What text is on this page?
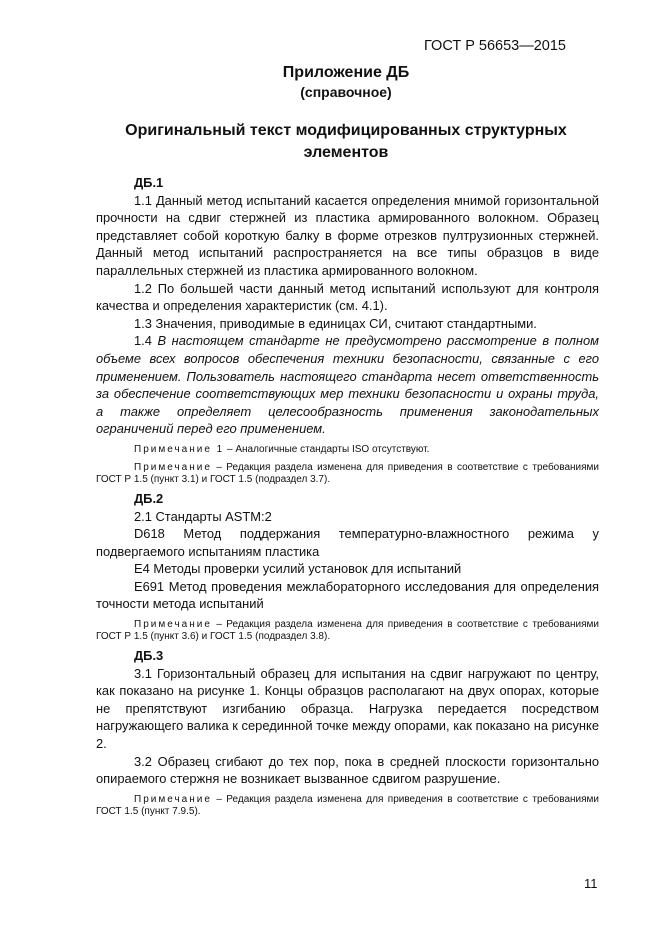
ГОСТ Р 56653—2015
Приложение ДБ
(справочное)
Оригинальный текст модифицированных структурных элементов
ДБ.1

1.1 Данный метод испытаний касается определения мнимой горизонтальной прочности на сдвиг стержней из пластика армированного волокном. Образец представляет собой короткую балку в форме отрезков пултрузионных стержней. Данный метод испытаний распространяется на все типы образцов в виде параллельных стержней из пластика армированного волокном.

1.2 По большей части данный метод испытаний используют для контроля качества и определения характеристик (см. 4.1).

1.3 Значения, приводимые в единицах СИ, считают стандартными.

1.4 В настоящем стандарте не предусмотрено рассмотрение в полном объеме всех вопросов обеспечения техники безопасности, связанные с его применением. Пользователь настоящего стандарта несет ответственность за обеспечение соответствующих мер техники безопасности и охраны труда, а также определяет целесообразность применения законодательных ограничений перед его применением.

Примечание 1 – Аналогичные стандарты ISO отсутствуют.

Примечание – Редакция раздела изменена для приведения в соответствие с требованиями ГОСТ Р 1.5 (пункт 3.1) и ГОСТ 1.5 (подраздел 3.7).

ДБ.2

2.1 Стандарты ASTM:2

D618 Метод поддержания температурно-влажностного режима у подвергаемого испытаниям пластика

E4 Методы проверки усилий установок для испытаний

E691 Метод проведения межлабораторного исследования для определения точности метода испытаний

Примечание – Редакция раздела изменена для приведения в соответствие с требованиями ГОСТ Р 1.5 (пункт 3.6) и ГОСТ 1.5 (подраздел 3.8).

ДБ.3

3.1 Горизонтальный образец для испытания на сдвиг нагружают по центру, как показано на рисунке 1. Концы образцов располагают на двух опорах, которые не препятствуют изгибанию образца. Нагрузка передается посредством нагружающего валика к серединной точке между опорами, как показано на рисунке 2.

3.2 Образец сгибают до тех пор, пока в средней плоскости горизонтально опираемого стержня не возникает вызванное сдвигом разрушение.

Примечание – Редакция раздела изменена для приведения в соответствие с требованиями ГОСТ 1.5 (пункт 7.9.5).

11
